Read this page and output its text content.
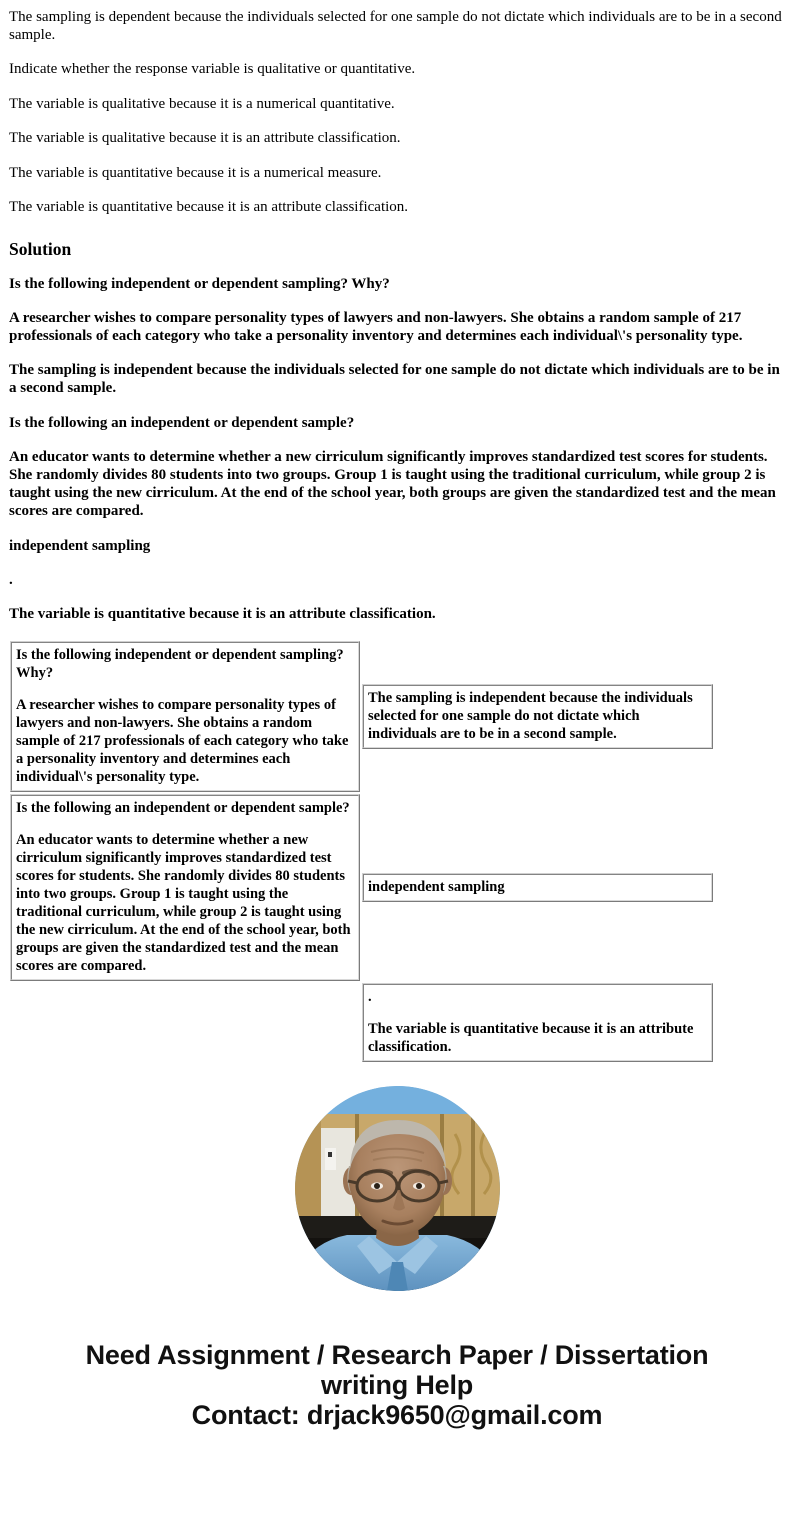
The sampling is dependent because the individuals selected for one sample do not dictate which individuals are to be in a second sample.

Indicate whether the response variable is qualitative or quantitative.

The variable is qualitative because it is a numerical quantitative.

The variable is qualitative because it is an attribute classification.

The variable is quantitative because it is a numerical measure.

The variable is quantitative because it is an attribute classification.

Solution

Is the following independent or dependent sampling? Why?

A researcher wishes to compare personality types of lawyers and non-lawyers. She obtains a random sample of 217 professionals of each category who take a personality inventory and determines each individual\'s personality type.

The sampling is independent because the individuals selected for one sample do not dictate which individuals are to be in a second sample.

Is the following an independent or dependent sample?

An educator wants to determine whether a new cirriculum significantly improves standardized test scores for students. She randomly divides 80 students into two groups. Group 1 is taught using the traditional curriculum, while group 2 is taught using the new cirriculum. At the end of the school year, both groups are given the standardized test and the mean scores are compared.

independent sampling

.

The variable is quantitative because it is an attribute classification.

Is the following independent or dependent sampling? Why?

A researcher wishes to compare personality types of lawyers and non-lawyers. She obtains a random sample of 217 professionals of each category who take a personality inventory and determines each individual\'s personality type.	The sampling is independent because the individuals selected for one sample do not dictate which individuals are to be in a second sample.

Is the following an independent or dependent sample?

An educator wants to determine whether a new cirriculum significantly improves standardized test scores for students. She randomly divides 80 students into two groups. Group 1 is taught using the traditional curriculum, while group 2 is taught using the new cirriculum. At the end of the school year, both groups are given the standardized test and the mean scores are compared.	independent sampling

	.

The variable is quantitative because it is an attribute classification.

Need Assignment / Research Paper / Dissertation
writing Help
Contact: drjack9650@gmail.com
